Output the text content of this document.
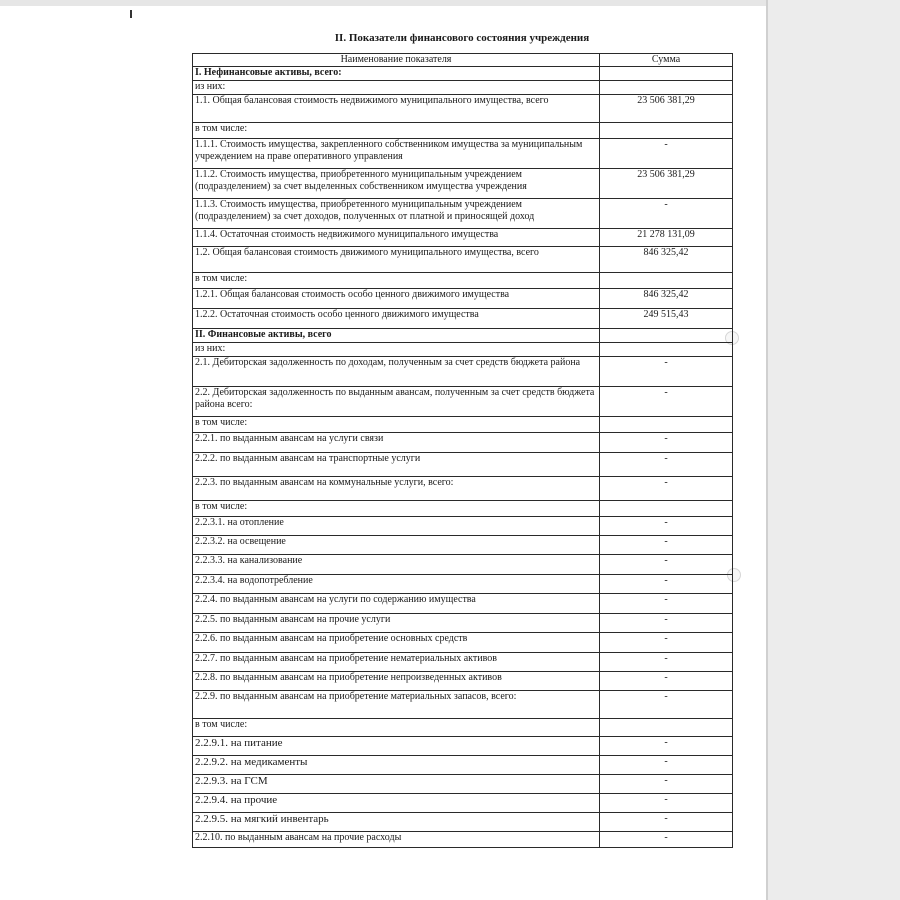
II. Показатели финансового состояния учреждения
Наименование показателя	Сумма
I. Нефинансовые активы, всего:	
из них:	
1.1. Общая балансовая стоимость недвижимого муниципального имущества, всего	23 506 381,29
в том числе:	
1.1.1. Стоимость имущества, закрепленного собственником имущества за муниципальным учреждением на праве оперативного управления	-
1.1.2. Стоимость имущества, приобретенного муниципальным учреждением (подразделением) за счет выделенных собственником имущества учреждения	23 506 381,29
1.1.3. Стоимость имущества, приобретенного муниципальным учреждением (подразделением) за счет доходов, полученных от платной и приносящей доход	-
1.1.4. Остаточная стоимость недвижимого муниципального имущества	21 278 131,09
1.2. Общая балансовая стоимость движимого муниципального имущества, всего	846 325,42
в том числе:	
1.2.1. Общая балансовая стоимость особо ценного движимого имущества	846 325,42
1.2.2. Остаточная стоимость особо ценного движимого имущества	249 515,43
II. Финансовые активы, всего	
из них:	
2.1. Дебиторская задолженность по доходам, полученным за счет средств бюджета района	-
2.2. Дебиторская задолженность по выданным авансам, полученным за счет средств бюджета района всего:	-
в том числе:	
2.2.1. по выданным авансам на услуги связи	-
2.2.2. по выданным авансам на транспортные услуги	-
2.2.3. по выданным авансам на коммунальные услуги, всего:	-
в том числе:	
2.2.3.1. на отопление	-
2.2.3.2. на освещение	-
2.2.3.3. на канализование	-
2.2.3.4. на водопотребление	-
2.2.4. по выданным авансам на услуги по содержанию имущества	-
2.2.5. по выданным авансам на прочие услуги	-
2.2.6. по выданным авансам на приобретение основных средств	-
2.2.7. по выданным авансам на приобретение нематериальных активов	-
2.2.8. по выданным авансам на приобретение непроизведенных активов	-
2.2.9. по выданным авансам на приобретение материальных запасов, всего:	-
в том числе:	
2.2.9.1. на питание	-
2.2.9.2. на медикаменты	-
2.2.9.3. на ГСМ	-
2.2.9.4. на прочие	-
2.2.9.5. на мягкий инвентарь	-
2.2.10. по выданным авансам на прочие расходы	-
